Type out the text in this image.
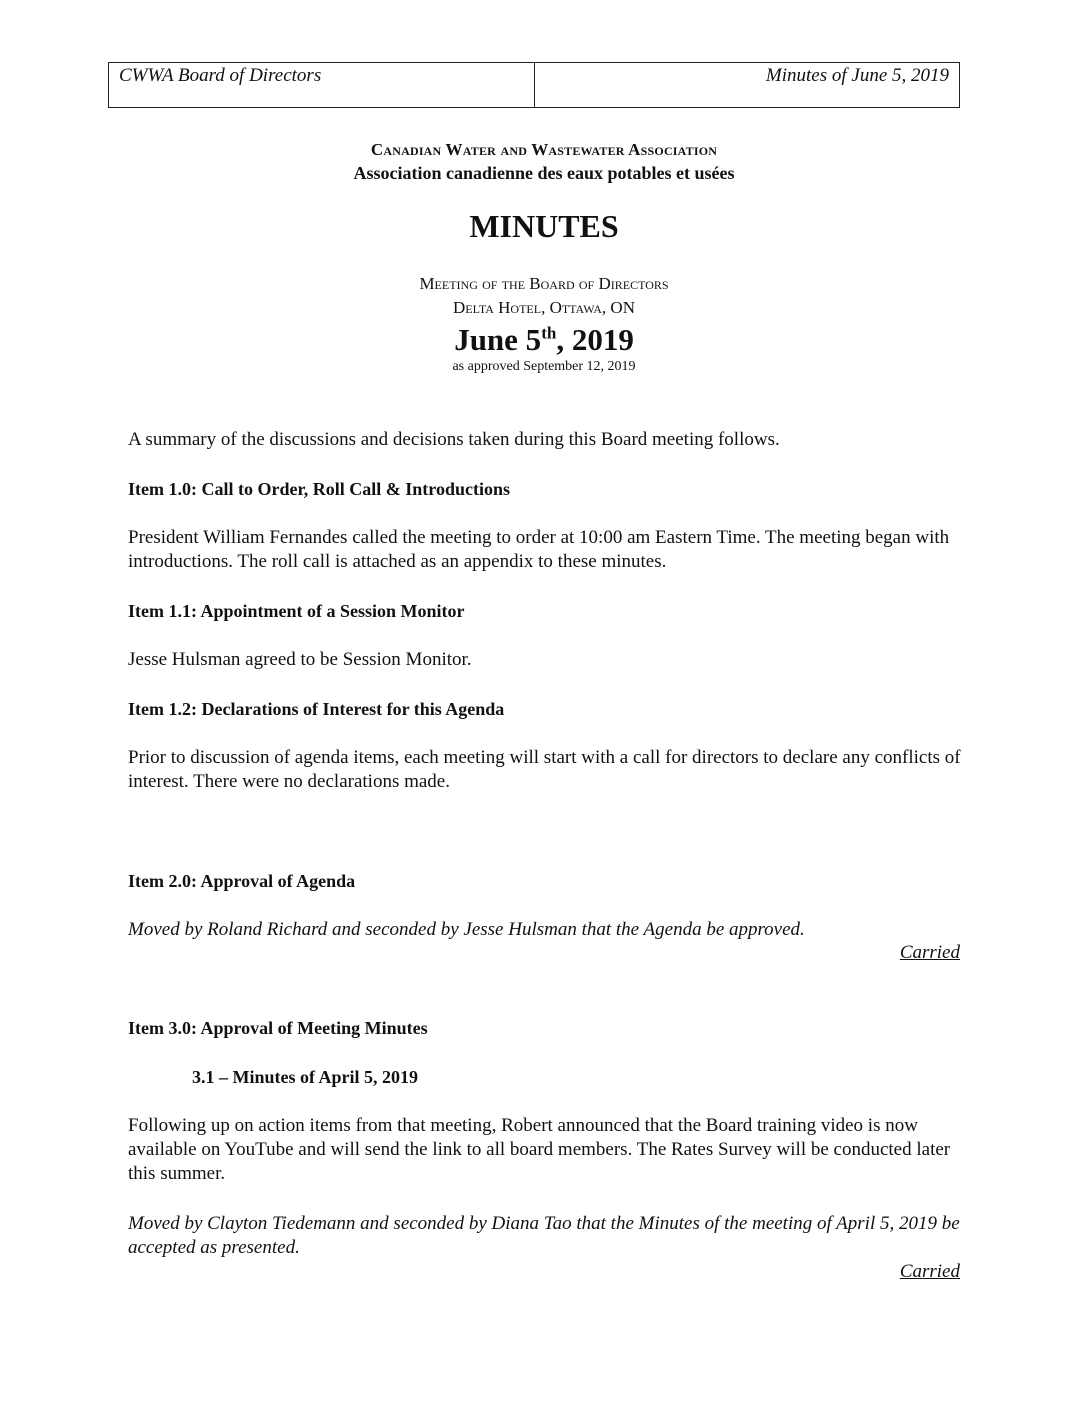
CWWA Board of Directors	Minutes of June 5, 2019
Canadian Water and Wastewater Association
Association canadienne des eaux potables et usées
MINUTES
Meeting of the Board of Directors
Delta Hotel, Ottawa, ON
June 5th, 2019
as approved September 12, 2019
A summary of the discussions and decisions taken during this Board meeting follows.
Item 1.0: Call to Order, Roll Call & Introductions
President William Fernandes called the meeting to order at 10:00 am Eastern Time. The meeting began with introductions. The roll call is attached as an appendix to these minutes.
Item 1.1: Appointment of a Session Monitor
Jesse Hulsman agreed to be Session Monitor.
Item 1.2: Declarations of Interest for this Agenda
Prior to discussion of agenda items, each meeting will start with a call for directors to declare any conflicts of interest. There were no declarations made.
Item 2.0: Approval of Agenda
Moved by Roland Richard and seconded by Jesse Hulsman that the Agenda be approved.
Carried
Item 3.0: Approval of Meeting Minutes
3.1 – Minutes of April 5, 2019
Following up on action items from that meeting, Robert announced that the Board training video is now available on YouTube and will send the link to all board members. The Rates Survey will be conducted later this summer.
Moved by Clayton Tiedemann and seconded by Diana Tao that the Minutes of the meeting of April 5, 2019 be accepted as presented.
Carried
